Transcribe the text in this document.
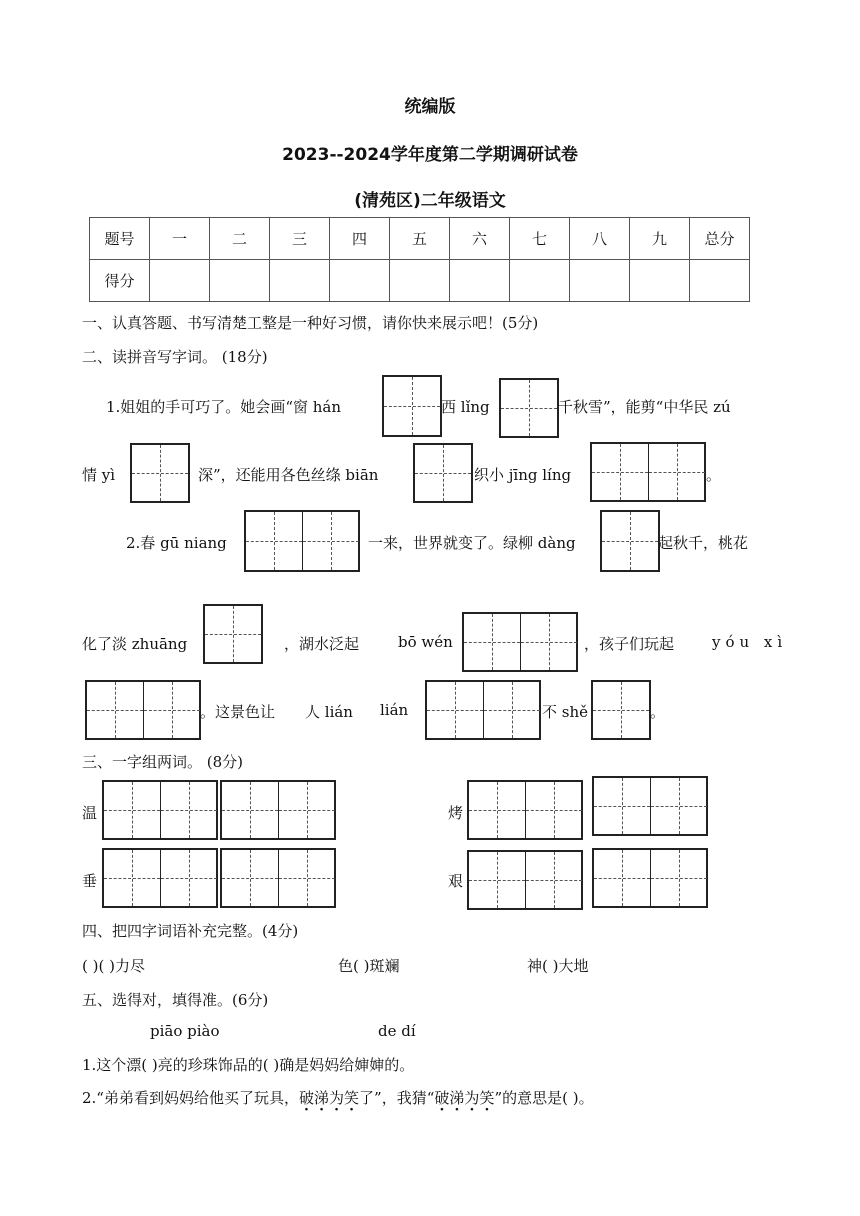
统编版
2023--2024学年度第二学期调研试卷
(清苑区)二年级语文
题号	一	二	三	四	五	六	七	八	九	总分
得分										
一、认真答题、书写清楚工整是一种好习惯，请你快来展示吧！(5分)
二、读拼音写字词。 (18分)
1.姐姐的手可巧了。她会画“窗 hán	西 lǐng	千秋雪”，能剪“中华民 zú
情 yì	深”，还能用各色丝绦 biān	织小 jīng líng	。
2.春 gū niang	一来，世界就变了。绿柳 dàng	起秋千，桃花
化了淡 zhuāng	，湖水泛起	bō wén	，孩子们玩起	yóu xì
。这景色让 人 lián lián	不 shě	。
三、一字组两词。 (8分)
温	烤
垂	艰
四、把四字词语补充完整。(4分)
( )( )力尽	色( )斑斓	神( )大地
五、选得对，填得准。(6分)
piāo piào	de dí
1.这个漂( )亮的珍珠饰品的( )确是妈妈给婶婶的。
2.“弟弟看到妈妈给他买了玩具，破涕为笑了”，我猜“破涕为笑”的意思是( )。
